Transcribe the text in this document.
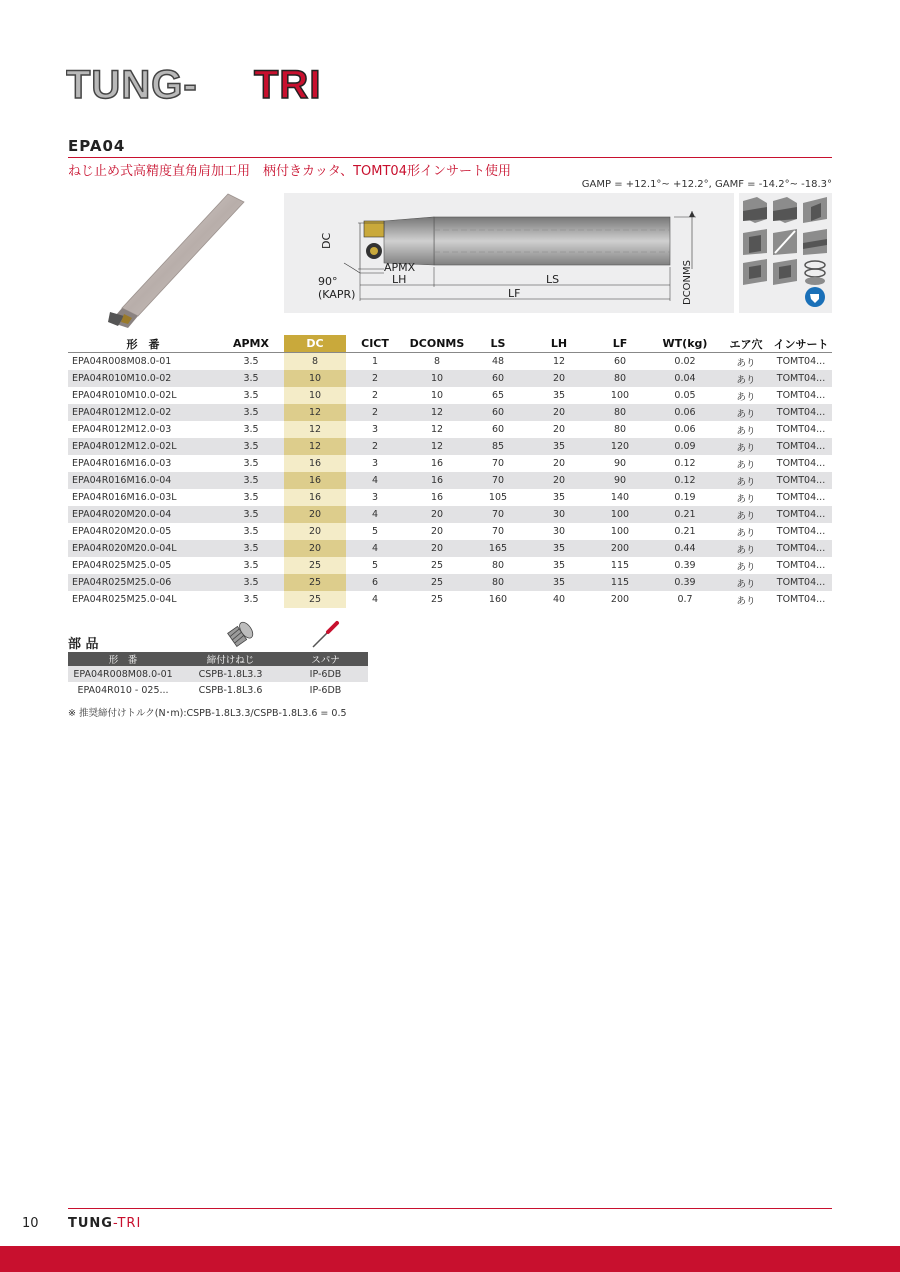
TUNG- TRI
EPA04
ねじ止め式高精度直角肩加工用　柄付きカッタ、TOMT04形インサート使用
GAMP = +12.1°~ +12.2°, GAMF = -14.2°~ -18.3°
DC
APMX
LH	LS
LF	DCONMS
90°
(KAPR)
形　番	APMX	DC	CICT	DCONMS	LS	LH	LF	WT(kg)	エア穴	インサート
EPA04R008M08.0-01	3.5	8	1	8	48	12	60	0.02	あり	TOMT04...
EPA04R010M10.0-02	3.5	10	2	10	60	20	80	0.04	あり	TOMT04...
EPA04R010M10.0-02L	3.5	10	2	10	65	35	100	0.05	あり	TOMT04...
EPA04R012M12.0-02	3.5	12	2	12	60	20	80	0.06	あり	TOMT04...
EPA04R012M12.0-03	3.5	12	3	12	60	20	80	0.06	あり	TOMT04...
EPA04R012M12.0-02L	3.5	12	2	12	85	35	120	0.09	あり	TOMT04...
EPA04R016M16.0-03	3.5	16	3	16	70	20	90	0.12	あり	TOMT04...
EPA04R016M16.0-04	3.5	16	4	16	70	20	90	0.12	あり	TOMT04...
EPA04R016M16.0-03L	3.5	16	3	16	105	35	140	0.19	あり	TOMT04...
EPA04R020M20.0-04	3.5	20	4	20	70	30	100	0.21	あり	TOMT04...
EPA04R020M20.0-05	3.5	20	5	20	70	30	100	0.21	あり	TOMT04...
EPA04R020M20.0-04L	3.5	20	4	20	165	35	200	0.44	あり	TOMT04...
EPA04R025M25.0-05	3.5	25	5	25	80	35	115	0.39	あり	TOMT04...
EPA04R025M25.0-06	3.5	25	6	25	80	35	115	0.39	あり	TOMT04...
EPA04R025M25.0-04L	3.5	25	4	25	160	40	200	0.7	あり	TOMT04...
部 品
形　番	締付けねじ	スパナ
EPA04R008M08.0-01	CSPB-1.8L3.3	IP-6DB
EPA04R010 - 025...	CSPB-1.8L3.6	IP-6DB
※ 推奨締付けトルク(N･m):CSPB-1.8L3.3/CSPB-1.8L3.6 = 0.5
10 TUNG-TRI
